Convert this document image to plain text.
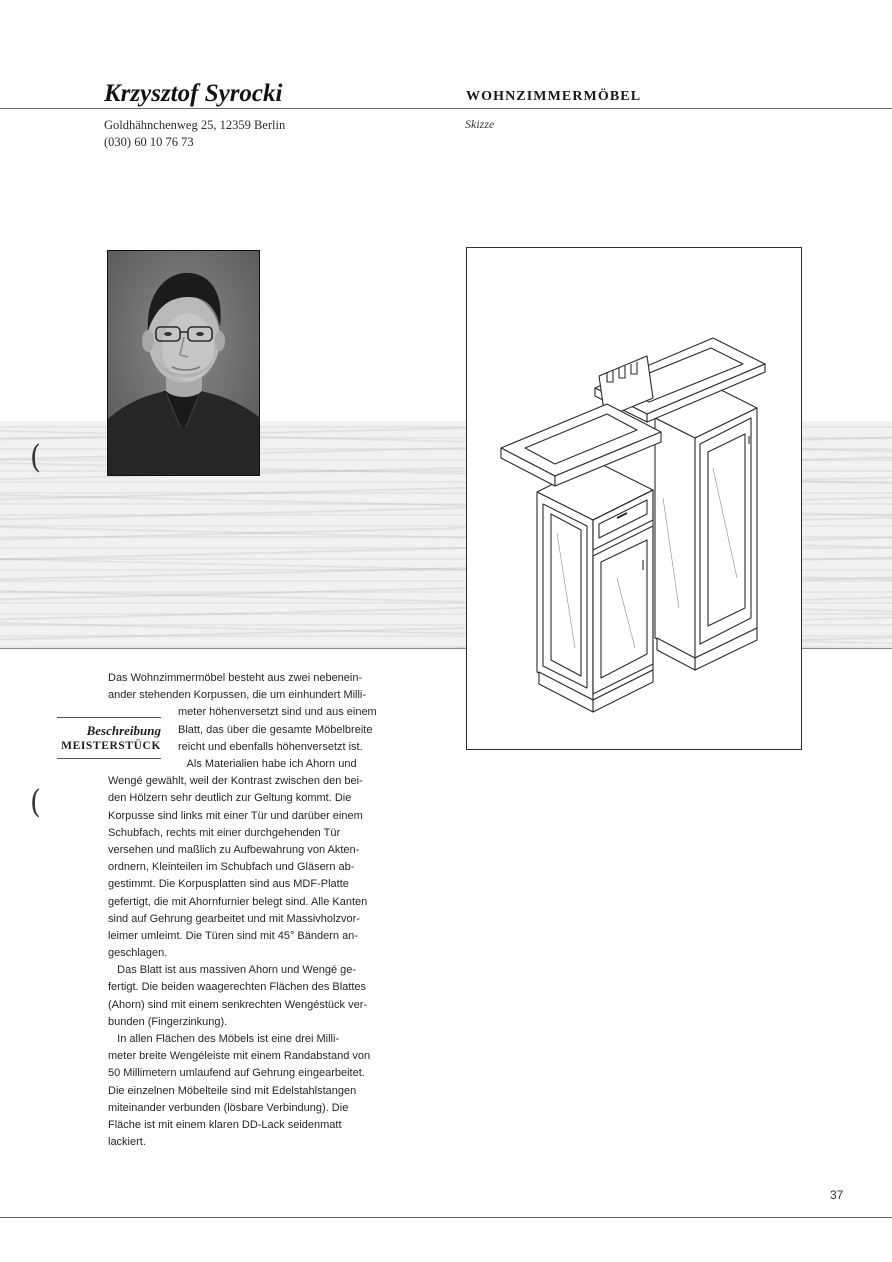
Krzysztof Syrocki	WOHNZIMMERMÖBEL
Goldhähnchenweg 25, 12359 Berlin
(030) 60 10 76 73
Skizze
(
(
Beschreibung
MEISTERSTÜCK
Das Wohnzimmermöbel besteht aus zwei nebenein-
ander stehenden Korpussen, die um einhundert Milli-
meter höhenversetzt sind und aus einem
Blatt, das über die gesamte Möbelbreite
reicht und ebenfalls höhenversetzt ist.
Als Materialien habe ich Ahorn und
Wengé gewählt, weil der Kontrast zwischen den bei-
den Hölzern sehr deutlich zur Geltung kommt. Die
Korpusse sind links mit einer Tür und darüber einem
Schubfach, rechts mit einer durchgehenden Tür
versehen und maßlich zu Aufbewahrung von Akten-
ordnern, Kleinteilen im Schubfach und Gläsern ab-
gestimmt. Die Korpusplatten sind aus MDF-Platte
gefertigt, die mit Ahornfurnier belegt sind. Alle Kanten
sind auf Gehrung gearbeitet und mit Massivholzvor-
leimer umleimt. Die Türen sind mit 45° Bändern an-
geschlagen.
Das Blatt ist aus massiven Ahorn und Wengé ge-
fertigt. Die beiden waagerechten Flächen des Blattes
(Ahorn) sind mit einem senkrechten Wengéstück ver-
bunden (Fingerzinkung).
In allen Flächen des Möbels ist eine drei Milli-
meter breite Wengéleiste mit einem Randabstand von
50 Millimetern umlaufend auf Gehrung eingearbeitet.
Die einzelnen Möbelteile sind mit Edelstahlstangen
miteinander verbunden (lösbare Verbindung). Die
Fläche ist mit einem klaren DD-Lack seidenmatt
lackiert.
37
